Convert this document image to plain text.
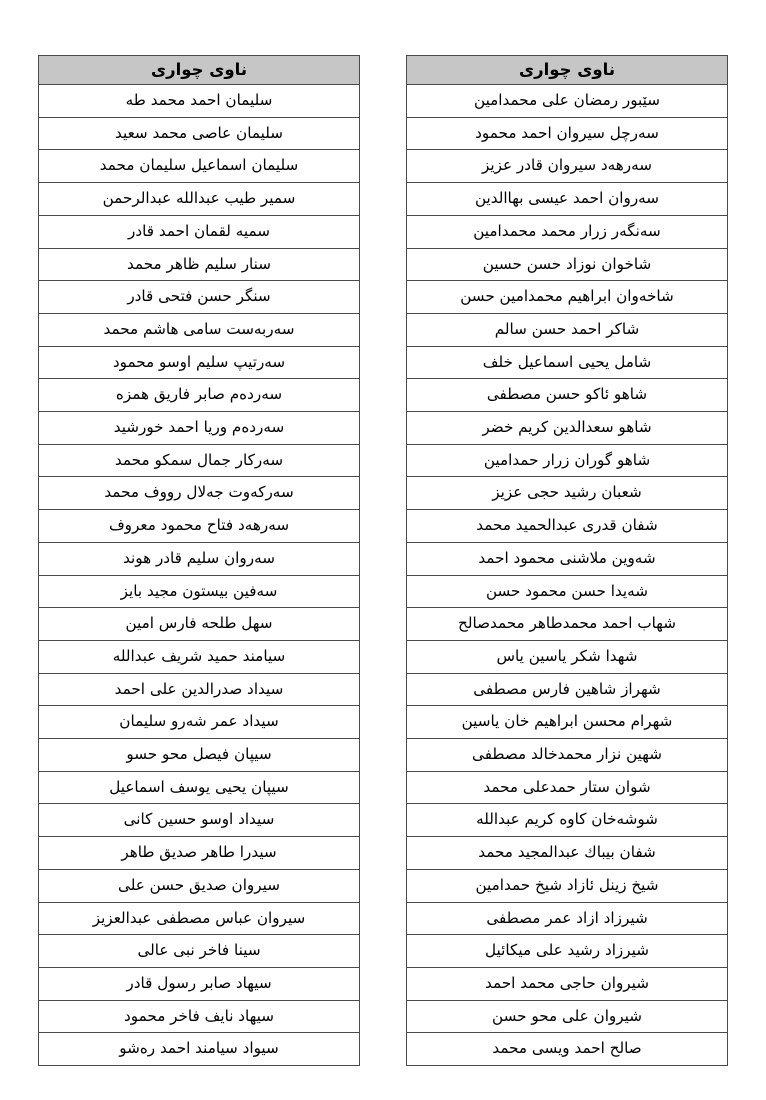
ناوی چواری
سێبور رمضان علی محمدامین
سەرچل سیروان احمد محمود
سەرهەد سیروان قادر عزیز
سەروان احمد عیسی بهاالدین
سەنگەر زرار محمد محمدامین
شاخوان نوزاد حسن حسین
شاخەوان ابراهیم محمدامین حسن
شاکر احمد حسن سالم
شامل یحیی اسماعیل خلف
شاهو ئاکو حسن مصطفی
شاهو سعدالدین کریم خضر
شاهو گوران زرار حمدامین
شعبان رشید حجی عزیز
شفان قدری عبدالحمید محمد
شەوین ملاشنی محمود احمد
شەیدا حسن محمود حسن
شهاب احمد محمدطاهر محمدصالح
شهدا شکر یاسین یاس
شهراز شاهین فارس مصطفی
شهرام محسن ابراهیم خان یاسین
شهین نزار محمدخالد مصطفی
شوان ستار حمدعلی محمد
شوشەخان کاوە کریم عبداللە
شفان بیباك عبدالمجید محمد
شیخ زینل ئازاد شیخ حمدامین
شیرزاد ازاد عمر مصطفی
شیرزاد رشید علی میکائیل
شیروان حاجی محمد احمد
شیروان علی محو حسن
صالح احمد ویسی محمد
ناوی چواری
سلیمان احمد محمد طه
سلیمان عاصی محمد سعید
سلیمان اسماعیل سلیمان محمد
سمیر طیب عبداللە عبدالرحمن
سمیە لقمان احمد قادر
سنار سلیم ظاهر محمد
سنگر حسن فتحی قادر
سەربەست سامی هاشم محمد
سەرتیپ سلیم اوسو محمود
سەردەم صابر فاریق همزە
سەردەم وریا احمد خورشید
سەرکار جمال سمکو محمد
سەرکەوت جەلال رووف محمد
سەرهەد فتاح محمود معروف
سەروان سلیم قادر هوند
سەفین بیستون مجید بایز
سهل طلحە فارس امین
سیامند حمید شریف عبداللە
سیداد صدرالدین علی احمد
سیداد عمر شەرو سلیمان
سیپان فیصل محو حسو
سیپان یحیی یوسف اسماعیل
سیداد اوسو حسین کانی
سیدرا طاهر صدیق طاهر
سیروان صدیق حسن علی
سیروان عباس مصطفی عبدالعزیز
سینا فاخر نبی عالی
سیهاد صابر رسول قادر
سیهاد نایف فاخر محمود
سیواد سیامند احمد رەشو
